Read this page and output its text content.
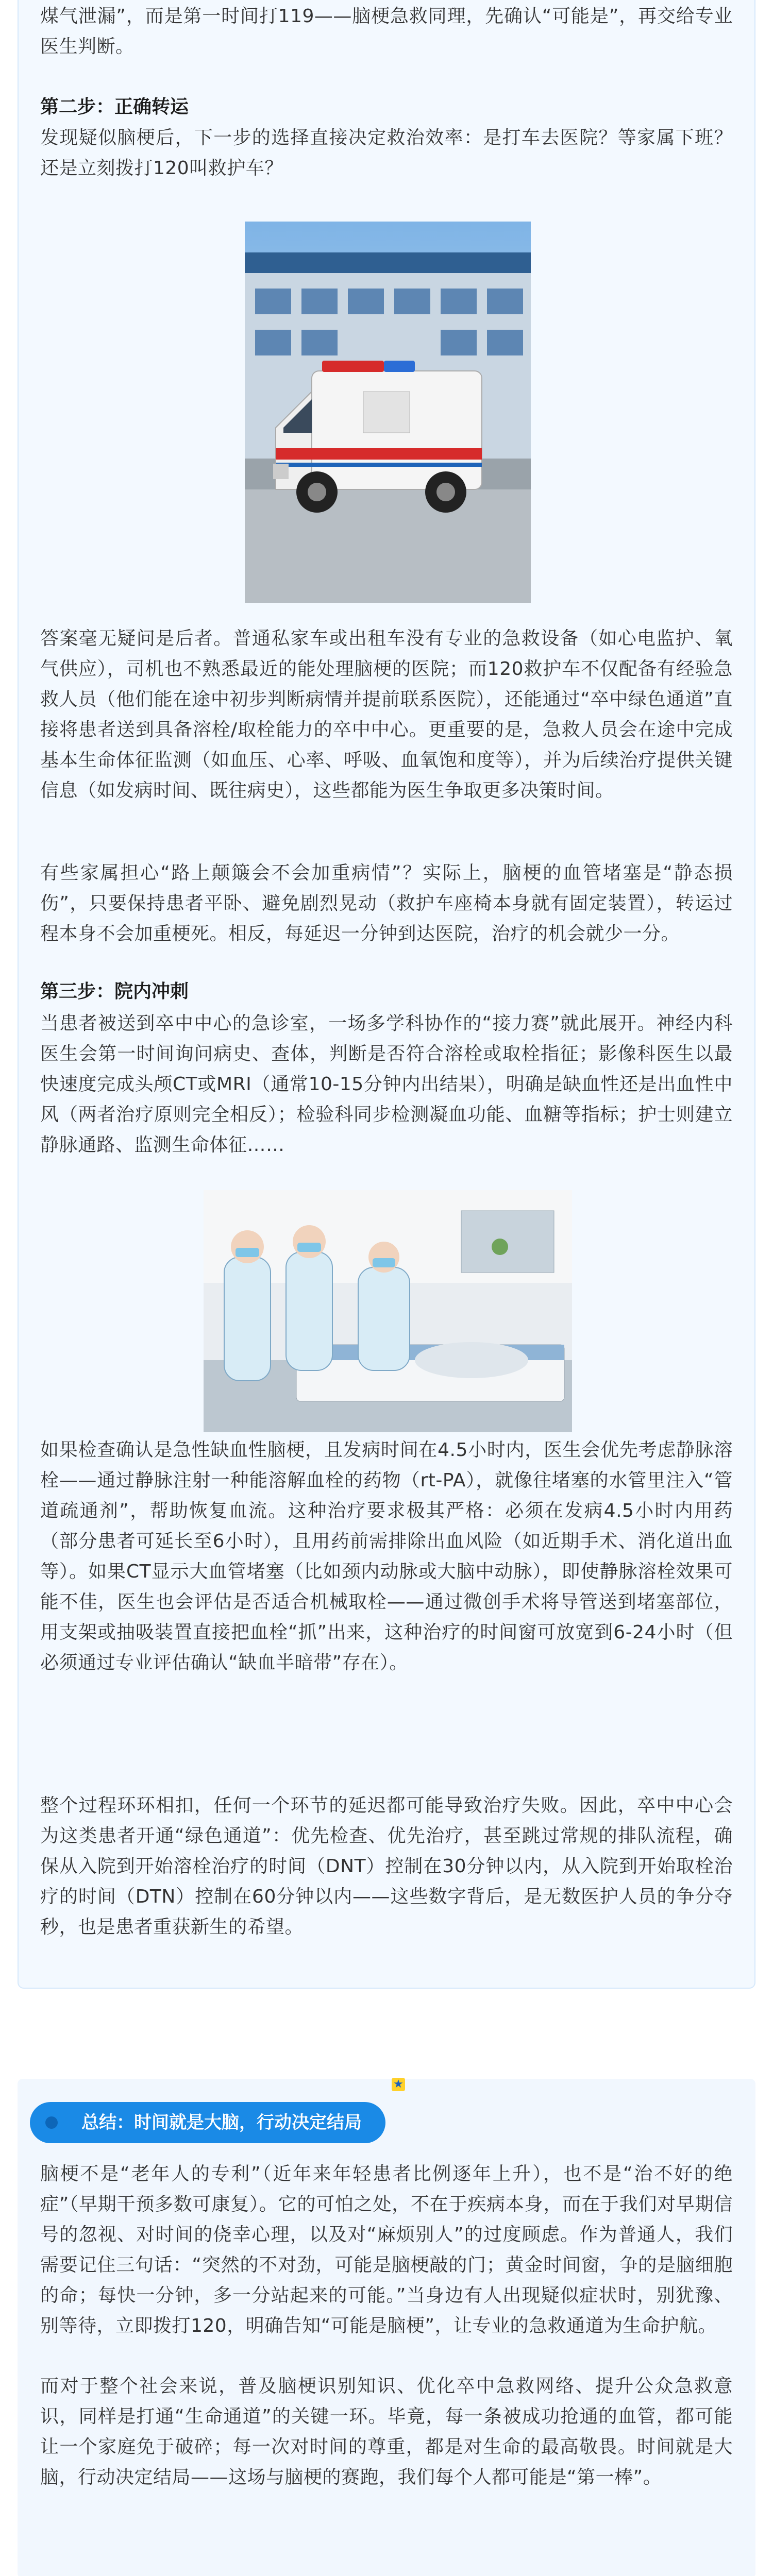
煤气泄漏”，而是第一时间打119——脑梗急救同理，先确认“可能是”，再交给专业医生判断。

第二步：正确转运

发现疑似脑梗后，下一步的选择直接决定救治效率：是打车去医院？等家属下班？还是立刻拨打120叫救护车？

答案毫无疑问是后者。普通私家车或出租车没有专业的急救设备（如心电监护、氧气供应），司机也不熟悉最近的能处理脑梗的医院；而120救护车不仅配备有经验急救人员（他们能在途中初步判断病情并提前联系医院），还能通过“卒中绿色通道”直接将患者送到具备溶栓/取栓能力的卒中中心。更重要的是，急救人员会在途中完成基本生命体征监测（如血压、心率、呼吸、血氧饱和度等），并为后续治疗提供关键信息（如发病时间、既往病史），这些都能为医生争取更多决策时间。

有些家属担心“路上颠簸会不会加重病情”？实际上，脑梗的血管堵塞是“静态损伤”，只要保持患者平卧、避免剧烈晃动（救护车座椅本身就有固定装置），转运过程本身不会加重梗死。相反，每延迟一分钟到达医院，治疗的机会就少一分。

第三步：院内冲刺

当患者被送到卒中中心的急诊室，一场多学科协作的“接力赛”就此展开。神经内科医生会第一时间询问病史、查体，判断是否符合溶栓或取栓指征；影像科医生以最快速度完成头颅CT或MRI（通常10-15分钟内出结果），明确是缺血性还是出血性中风（两者治疗原则完全相反）；检验科同步检测凝血功能、血糖等指标；护士则建立静脉通路、监测生命体征……

如果检查确认是急性缺血性脑梗，且发病时间在4.5小时内，医生会优先考虑静脉溶栓——通过静脉注射一种能溶解血栓的药物（rt-PA），就像往堵塞的水管里注入“管道疏通剂”，帮助恢复血流。这种治疗要求极其严格：必须在发病4.5小时内用药（部分患者可延长至6小时），且用药前需排除出血风险（如近期手术、消化道出血等）。如果CT显示大血管堵塞（比如颈内动脉或大脑中动脉），即使静脉溶栓效果可能不佳，医生也会评估是否适合机械取栓——通过微创手术将导管送到堵塞部位，用支架或抽吸装置直接把血栓“抓”出来，这种治疗的时间窗可放宽到6-24小时（但必须通过专业评估确认“缺血半暗带”存在）。

整个过程环环相扣，任何一个环节的延迟都可能导致治疗失败。因此，卒中中心会为这类患者开通“绿色通道”：优先检查、优先治疗，甚至跳过常规的排队流程，确保从入院到开始溶栓治疗的时间（DNT）控制在30分钟以内，从入院到开始取栓治疗的时间（DTN）控制在60分钟以内——这些数字背后，是无数医护人员的争分夺秒，也是患者重获新生的希望。

总结：时间就是大脑，行动决定结局
★

脑梗不是“老年人的专利”（近年来年轻患者比例逐年上升），也不是“治不好的绝症”（早期干预多数可康复）。它的可怕之处，不在于疾病本身，而在于我们对早期信号的忽视、对时间的侥幸心理，以及对“麻烦别人”的过度顾虑。作为普通人，我们需要记住三句话：“突然的不对劲，可能是脑梗敲的门；黄金时间窗，争的是脑细胞的命；每快一分钟，多一分站起来的可能。”当身边有人出现疑似症状时，别犹豫、别等待，立即拨打120，明确告知“可能是脑梗”，让专业的急救通道为生命护航。

而对于整个社会来说，普及脑梗识别知识、优化卒中急救网络、提升公众急救意识，同样是打通“生命通道”的关键一环。毕竟，每一条被成功抢通的血管，都可能让一个家庭免于破碎；每一次对时间的尊重，都是对生命的最高敬畏。时间就是大脑，行动决定结局——这场与脑梗的赛跑，我们每个人都可能是“第一棒”。
